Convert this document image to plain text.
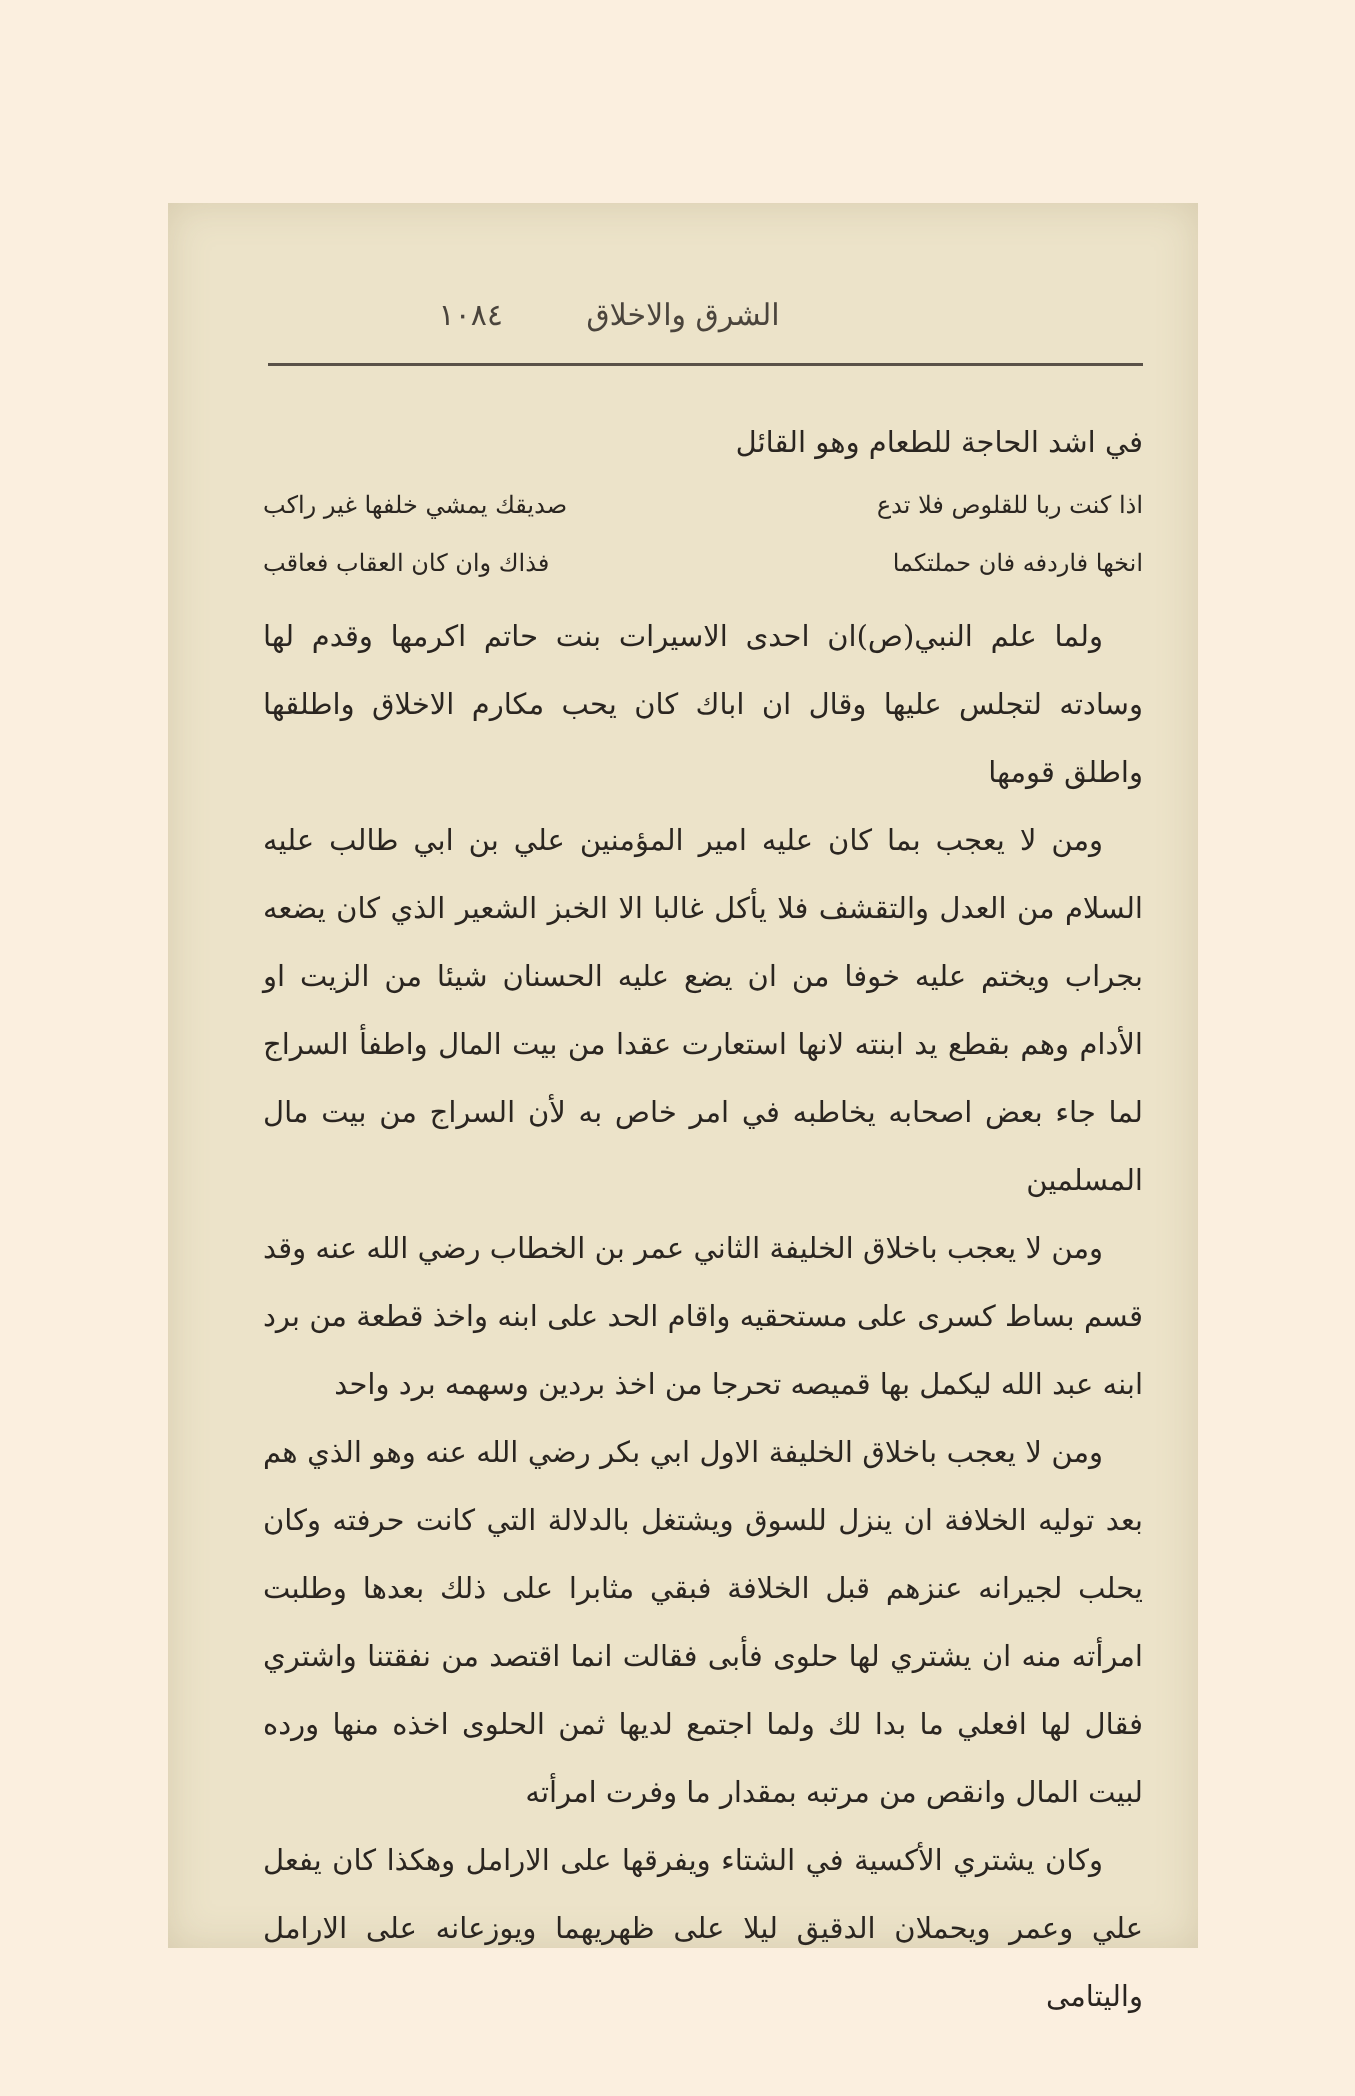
الشرق والاخلاق
١٠٨٤

في اشد الحاجة للطعام وهو القائل

اذا كنت ربا للقلوص فلا تدع
صديقك يمشي خلفها غير راكب
انخها فاردفه فان حملتكما
فذاك وان كان العقاب فعاقب

ولما علم النبي(ص)ان احدى الاسيرات بنت حاتم اكرمها وقدم لها وسادته لتجلس عليها وقال ان اباك كان يحب مكارم الاخلاق واطلقها واطلق قومها

ومن لا يعجب بما كان عليه امير المؤمنين علي بن ابي طالب عليه السلام من العدل والتقشف فلا يأكل غالبا الا الخبز الشعير الذي كان يضعه بجراب ويختم عليه خوفا من ان يضع عليه الحسنان شيئا من الزيت او الأدام وهم بقطع يد ابنته لانها استعارت عقدا من بيت المال واطفأ السراج لما جاء بعض اصحابه يخاطبه في امر خاص به لأن السراج من بيت مال المسلمين

ومن لا يعجب باخلاق الخليفة الثاني عمر بن الخطاب رضي الله عنه وقد قسم بساط كسرى على مستحقيه واقام الحد على ابنه واخذ قطعة من برد ابنه عبد الله ليكمل بها قميصه تحرجا من اخذ بردين وسهمه برد واحد

ومن لا يعجب باخلاق الخليفة الاول ابي بكر رضي الله عنه وهو الذي هم بعد توليه الخلافة ان ينزل للسوق ويشتغل بالدلالة التي كانت حرفته وكان يحلب لجيرانه عنزهم قبل الخلافة فبقي مثابرا على ذلك بعدها وطلبت امرأته منه ان يشتري لها حلوى فأبى فقالت انما اقتصد من نفقتنا واشتري فقال لها افعلي ما بدا لك ولما اجتمع لديها ثمن الحلوى اخذه منها ورده لبيت المال وانقص من مرتبه بمقدار ما وفرت امرأته

وكان يشتري الأكسية في الشتاء ويفرقها على الارامل وهكذا كان يفعل علي وعمر ويحملان الدقيق ليلا على ظهريهما ويوزعانه على الارامل واليتامى
